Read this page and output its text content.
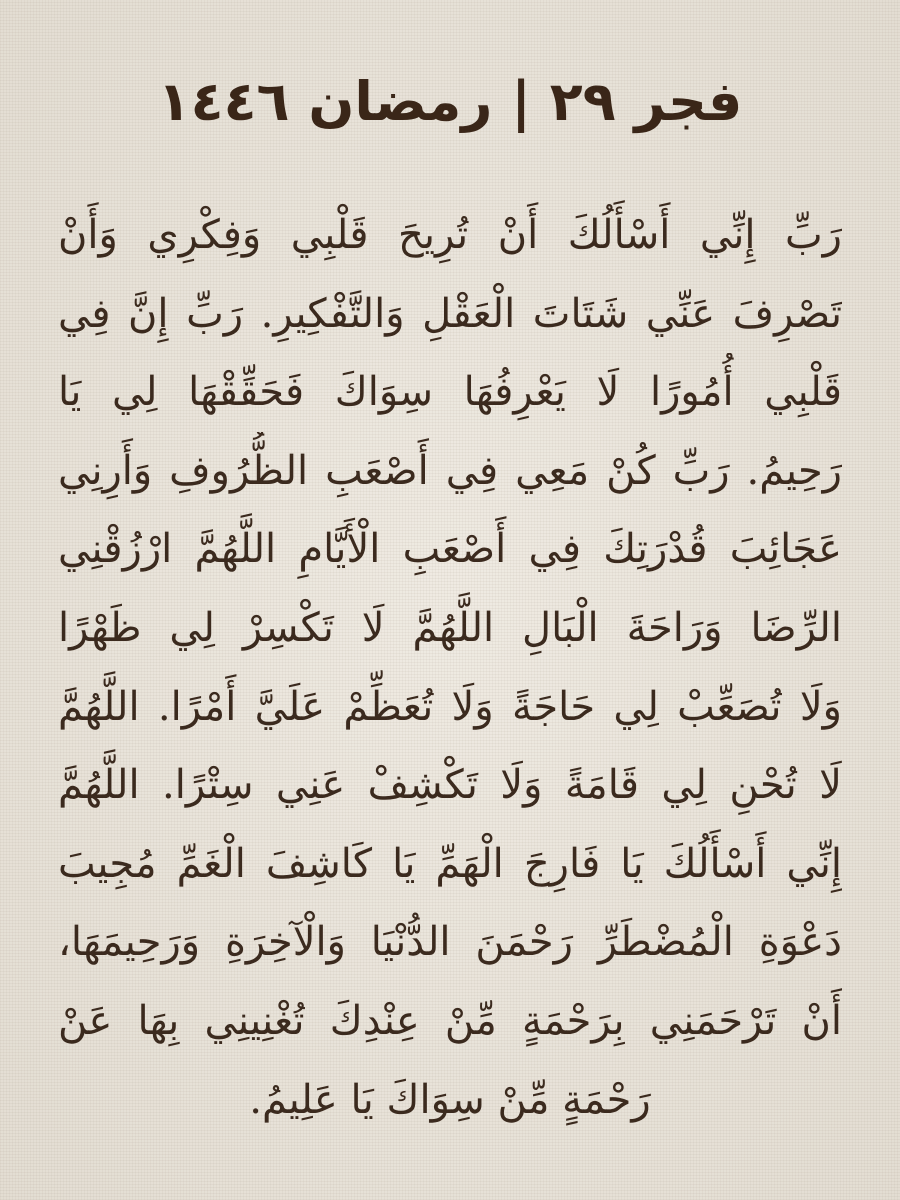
فجر ٢٩ | رمضان ١٤٤٦
رَبِّ إِنِّي أَسْأَلُكَ أَنْ تُرِيحَ قَلْبِي وَفِكْرِي وَأَنْ
تَصْرِفَ عَنِّي شَتَاتَ الْعَقْلِ وَالتَّفْكِيرِ. رَبِّ إِنَّ فِي
قَلْبِي أُمُورًا لَا يَعْرِفُهَا سِوَاكَ فَحَقِّقْهَا لِي يَا
رَحِيمُ. رَبِّ كُنْ مَعِي فِي أَصْعَبِ الظُّرُوفِ وَأَرِنِي
عَجَائِبَ قُدْرَتِكَ فِي أَصْعَبِ الْأَيَّامِ اللَّهُمَّ ارْزُقْنِي
الرِّضَا وَرَاحَةَ الْبَالِ اللَّهُمَّ لَا تَكْسِرْ لِي ظَهْرًا
وَلَا تُصَعِّبْ لِي حَاجَةً وَلَا تُعَظِّمْ عَلَيَّ أَمْرًا. اللَّهُمَّ
لَا تُحْنِ لِي قَامَةً وَلَا تَكْشِفْ عَنِي سِتْرًا. اللَّهُمَّ
إِنِّي أَسْأَلُكَ يَا فَارِجَ الْهَمِّ يَا كَاشِفَ الْغَمِّ مُجِيبَ
دَعْوَةِ الْمُضْطَرِّ رَحْمَنَ الدُّنْيَا وَالْآخِرَةِ وَرَحِيمَهَا،
أَنْ تَرْحَمَنِي بِرَحْمَةٍ مِّنْ عِنْدِكَ تُغْنِينِي بِهَا عَنْ
رَحْمَةٍ مِّنْ سِوَاكَ يَا عَلِيمُ.
